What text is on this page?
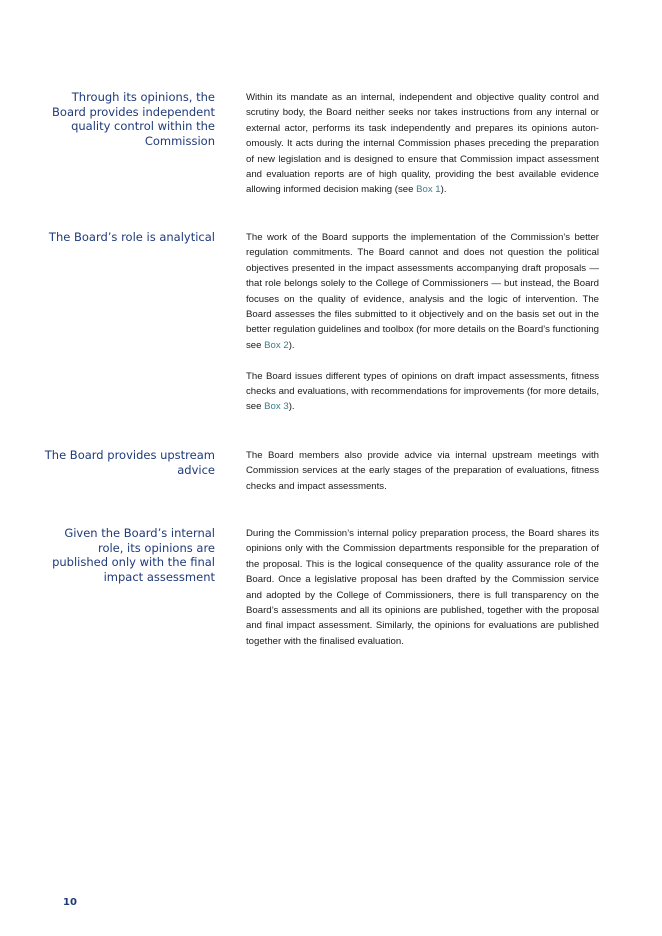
Through its opinions, the Board provides independent quality control within the Commission

Within its mandate as an internal, independent and objective quality control and scrutiny body, the Board neither seeks nor takes instructions from any internal or external actor, performs its task independently and prepares its opinions autonomously. It acts during the internal Commission phases preceding the preparation of new legislation and is designed to ensure that Commission impact assessment and evaluation reports are of high quality, providing the best available evidence allowing informed decision making (see Box 1).

The Board’s role is analytical	The work of the Board supports the implementation of the Commission’s better regulation commitments. The Board cannot and does not question the political objectives presented in the impact assessments accompanying draft proposals — that role belongs solely to the College of Commissioners — but instead, the Board focuses on the quality of evidence, analysis and the logic of intervention. The Board assesses the files submitted to it objectively and on the basis set out in the better regulation guidelines and toolbox (for more details on the Board’s functioning see Box 2).

The Board issues different types of opinions on draft impact assessments, fitness checks and evaluations, with recommendations for improvements (for more details, see Box 3).

The Board provides upstream advice

The Board members also provide advice via internal upstream meetings with Commission services at the early stages of the preparation of evaluations, fitness checks and impact assessments.

Given the Board’s internal role, its opinions are published only with the final impact assessment

During the Commission’s internal policy preparation process, the Board shares its opinions only with the Commission departments responsible for the preparation of the proposal. This is the logical consequence of the quality assurance role of the Board. Once a legislative proposal has been drafted by the Commission service and adopted by the College of Commissioners, there is full transparency on the Board’s assessments and all its opinions are published, together with the proposal and final impact assessment. Similarly, the opinions for evaluations are published together with the finalised evaluation.

10
